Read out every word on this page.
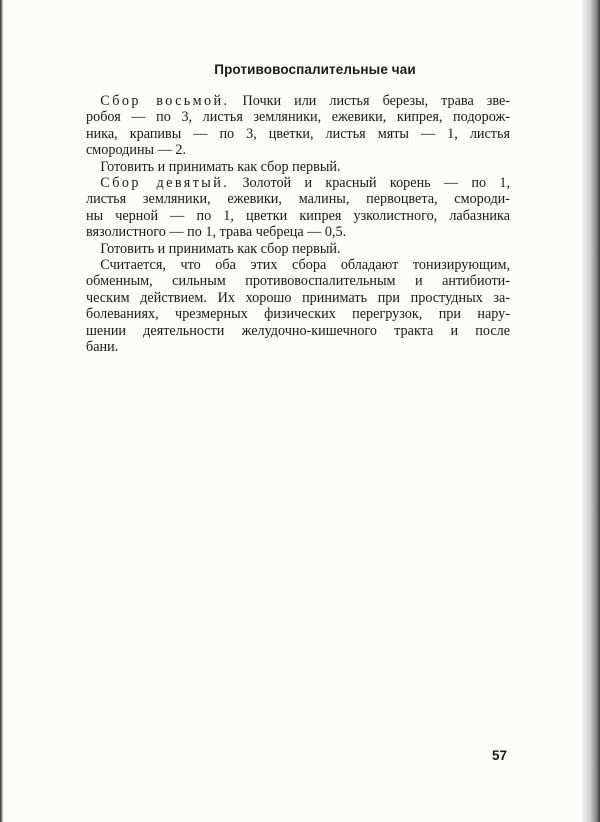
Противовоспалительные чаи

 Сбор восьмой. Почки или листья березы, трава зве-
робоя — по 3, листья земляники, ежевики, кипрея, подорож-
ника, крапивы — по 3, цветки, листья мяты — 1, листья
смородины — 2.

 Готовить и принимать как сбор первый.

 Сбор девятый. Золотой и красный корень — по 1,
листья земляники, ежевики, малины, первоцвета, смороди-
ны черной — по 1, цветки кипрея узколистного, лабазника
вязолистного — по 1, трава чебреца — 0,5.

 Готовить и принимать как сбор первый.

 Считается, что оба этих сбора обладают тонизирующим,
обменным, сильным противовоспалительным и антибиоти-
ческим действием. Их хорошо принимать при простудных за-
болеваниях, чрезмерных физических перегрузок, при нару-
шении деятельности желудочно-кишечного тракта и после
бани.

57
